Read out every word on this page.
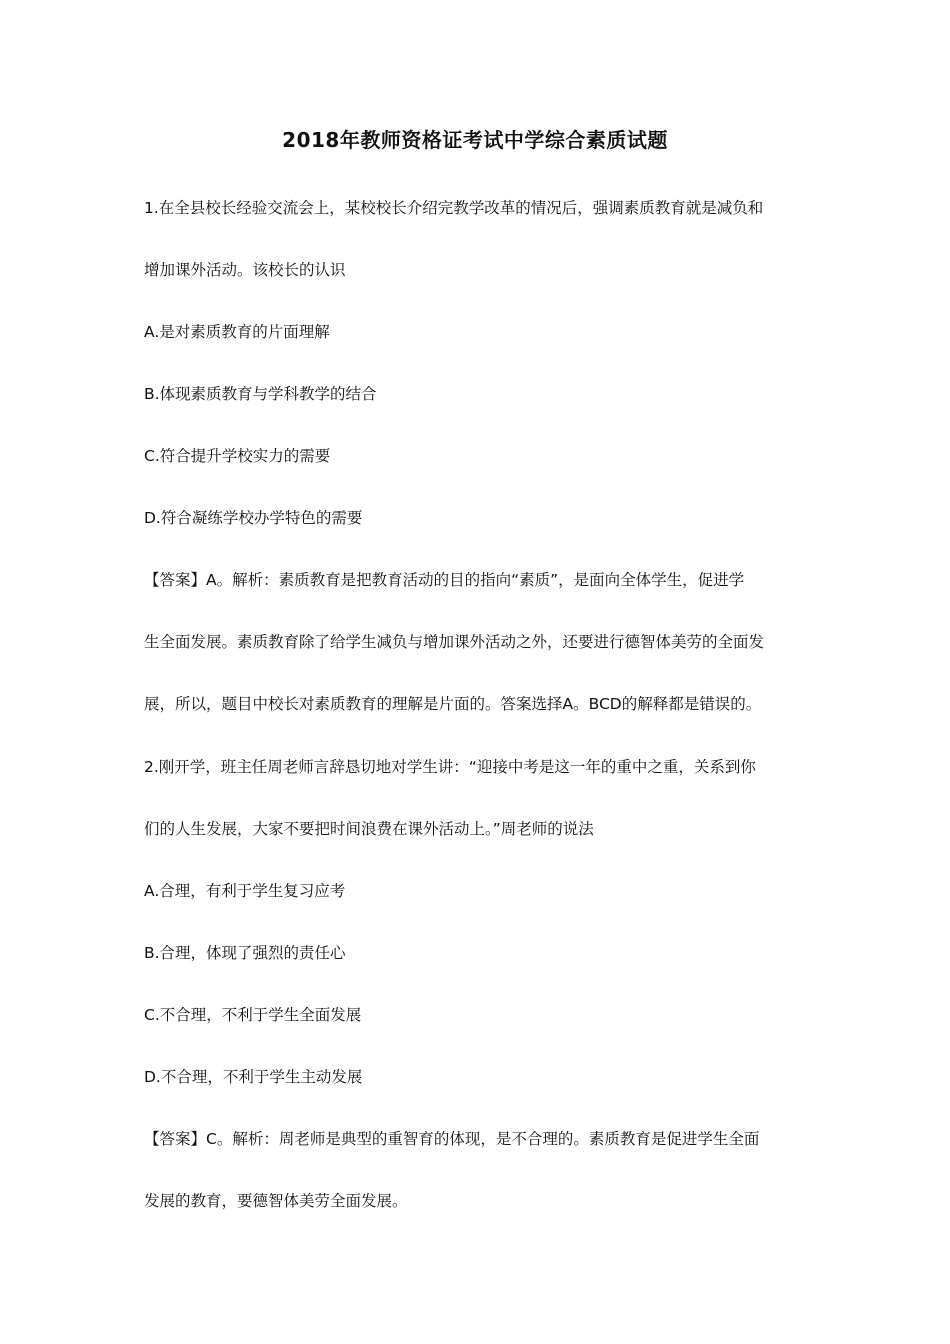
2018年教师资格证考试中学综合素质试题
1.在全县校长经验交流会上，某校校长介绍完教学改革的情况后，强调素质教育就是减负和
增加课外活动。该校长的认识
A.是对素质教育的片面理解
B.体现素质教育与学科教学的结合
C.符合提升学校实力的需要
D.符合凝练学校办学特色的需要
【答案】A。解析：素质教育是把教育活动的目的指向“素质”，是面向全体学生，促进学
生全面发展。素质教育除了给学生减负与增加课外活动之外，还要进行德智体美劳的全面发
展，所以，题目中校长对素质教育的理解是片面的。答案选择A。BCD的解释都是错误的。
2.刚开学，班主任周老师言辞恳切地对学生讲：“迎接中考是这一年的重中之重，关系到你
们的人生发展，大家不要把时间浪费在课外活动上。”周老师的说法
A.合理，有利于学生复习应考
B.合理，体现了强烈的责任心
C.不合理，不利于学生全面发展
D.不合理，不利于学生主动发展
【答案】C。解析：周老师是典型的重智育的体现，是不合理的。素质教育是促进学生全面
发展的教育，要德智体美劳全面发展。
